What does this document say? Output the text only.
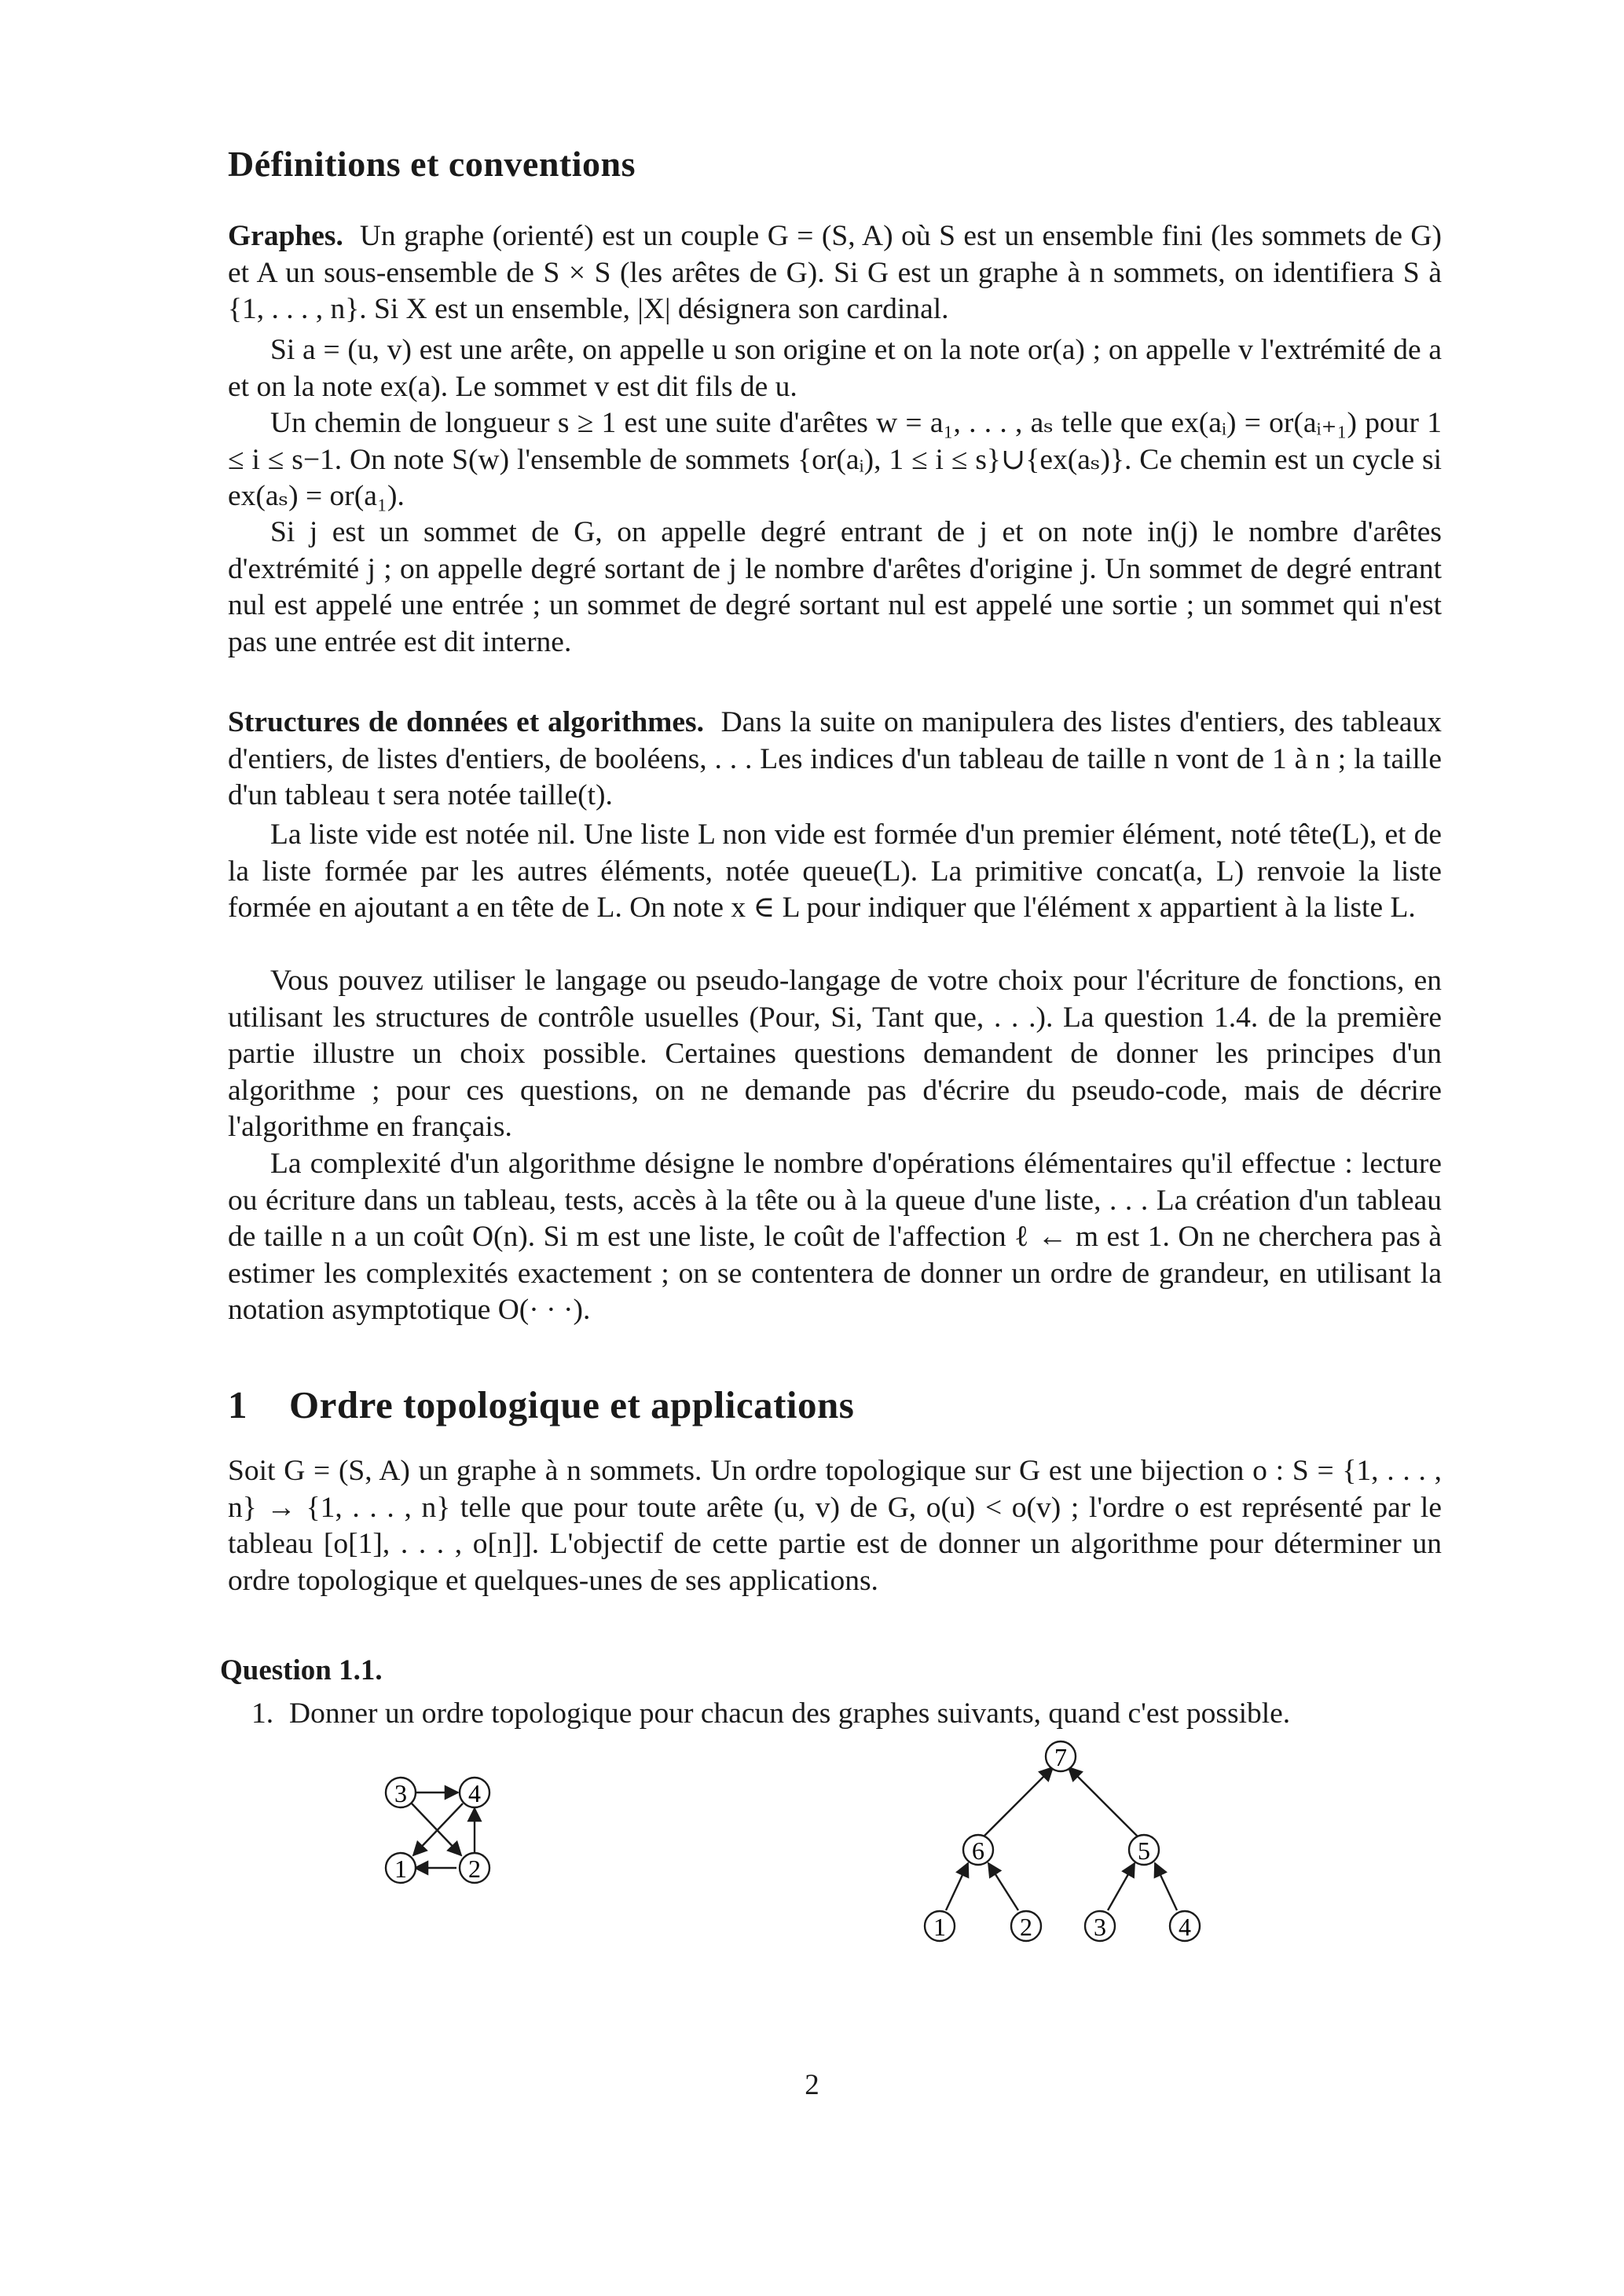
Définitions et conventions

Graphes. Un graphe (orienté) est un couple G = (S, A) où S est un ensemble fini (les sommets de G) et A un sous-ensemble de S × S (les arêtes de G). Si G est un graphe à n sommets, on identifiera S à {1, . . . , n}. Si X est un ensemble, |X| désignera son cardinal.

Si a = (u, v) est une arête, on appelle u son origine et on la note or(a) ; on appelle v l'extrémité de a et on la note ex(a). Le sommet v est dit fils de u.

Un chemin de longueur s ≥ 1 est une suite d'arêtes w = a₁, . . . , aₛ telle que ex(aᵢ) = or(aᵢ₊₁) pour 1 ≤ i ≤ s−1. On note S(w) l'ensemble de sommets {or(aᵢ), 1 ≤ i ≤ s}∪{ex(aₛ)}. Ce chemin est un cycle si ex(aₛ) = or(a₁).

Si j est un sommet de G, on appelle degré entrant de j et on note in(j) le nombre d'arêtes d'extrémité j ; on appelle degré sortant de j le nombre d'arêtes d'origine j. Un sommet de degré entrant nul est appelé une entrée ; un sommet de degré sortant nul est appelé une sortie ; un sommet qui n'est pas une entrée est dit interne.

Structures de données et algorithmes. Dans la suite on manipulera des listes d'entiers, des tableaux d'entiers, de listes d'entiers, de booléens, . . . Les indices d'un tableau de taille n vont de 1 à n ; la taille d'un tableau t sera notée taille(t).

La liste vide est notée nil. Une liste L non vide est formée d'un premier élément, noté tête(L), et de la liste formée par les autres éléments, notée queue(L). La primitive concat(a, L) renvoie la liste formée en ajoutant a en tête de L. On note x ∈ L pour indiquer que l'élément x appartient à la liste L.

Vous pouvez utiliser le langage ou pseudo-langage de votre choix pour l'écriture de fonctions, en utilisant les structures de contrôle usuelles (Pour, Si, Tant que, . . .). La question 1.4. de la première partie illustre un choix possible. Certaines questions demandent de donner les principes d'un algorithme ; pour ces questions, on ne demande pas d'écrire du pseudo-code, mais de décrire l'algorithme en français.

La complexité d'un algorithme désigne le nombre d'opérations élémentaires qu'il effectue : lecture ou écriture dans un tableau, tests, accès à la tête ou à la queue d'une liste, . . . La création d'un tableau de taille n a un coût O(n). Si m est une liste, le coût de l'affection ℓ ← m est 1. On ne cherchera pas à estimer les complexités exactement ; on se contentera de donner un ordre de grandeur, en utilisant la notation asymptotique O(· · ·).

1 Ordre topologique et applications

Soit G = (S, A) un graphe à n sommets. Un ordre topologique sur G est une bijection o : S = {1, . . . , n} → {1, . . . , n} telle que pour toute arête (u, v) de G, o(u) < o(v) ; l'ordre o est représenté par le tableau [o[1], . . . , o[n]]. L'objectif de cette partie est de donner un algorithme pour déterminer un ordre topologique et quelques-unes de ses applications.

Question 1.1.

1. Donner un ordre topologique pour chacun des graphes suivants, quand c'est possible.

3 4
1 2
7
6	5
1	2 3	4
2
